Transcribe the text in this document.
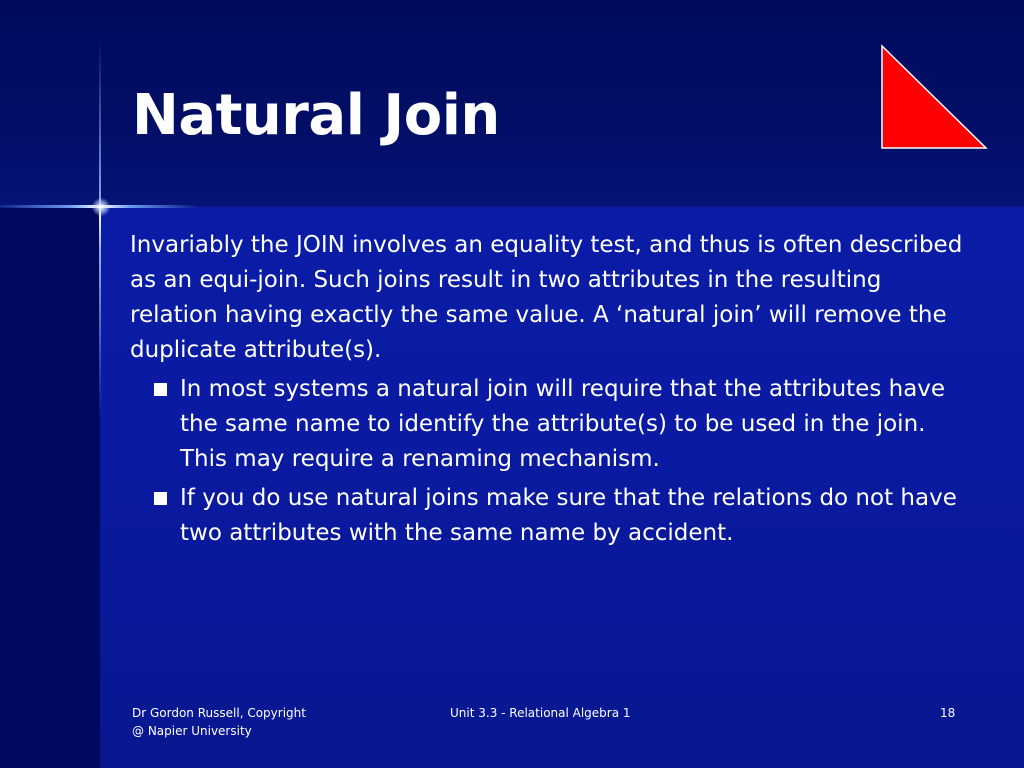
Natural Join

Invariably the JOIN involves an equality test, and thus is often described as an equi-join. Such joins result in two attributes in the resulting relation having exactly the same value. A ‘natural join’ will remove the duplicate attribute(s).

In most systems a natural join will require that the attributes have the same name to identify the attribute(s) to be used in the join. This may require a renaming mechanism.
If you do use natural joins make sure that the relations do not have two attributes with the same name by accident.
Dr Gordon Russell, Copyright
@ Napier University
Unit 3.3 - Relational Algebra 1	18
